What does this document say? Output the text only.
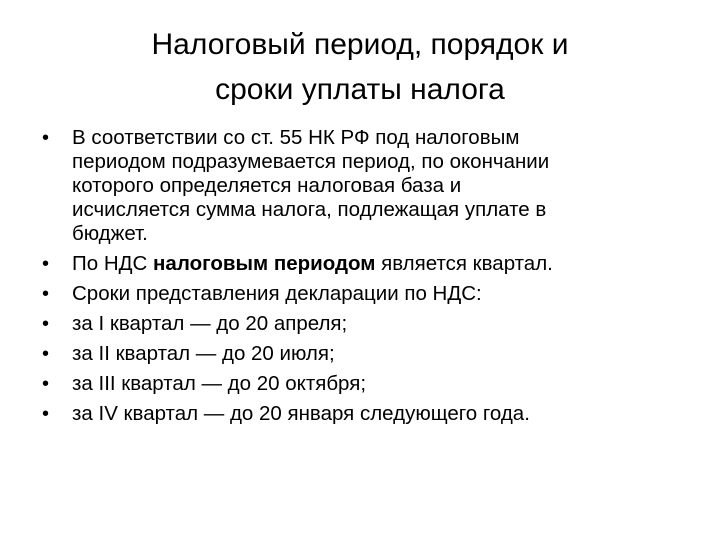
Налоговый период, порядок и
сроки уплаты налога
• В соответствии со ст. 55 НК РФ под налоговым
периодом подразумевается период, по окончании
которого определяется налоговая база и
исчисляется сумма налога, подлежащая уплате в
бюджет.
• По НДС налоговым периодом является квартал.
• Сроки представления декларации по НДС:
• за I квартал — до 20 апреля;
• за II квартал — до 20 июля;
• за III квартал — до 20 октября;
• за IV квартал — до 20 января следующего года.
